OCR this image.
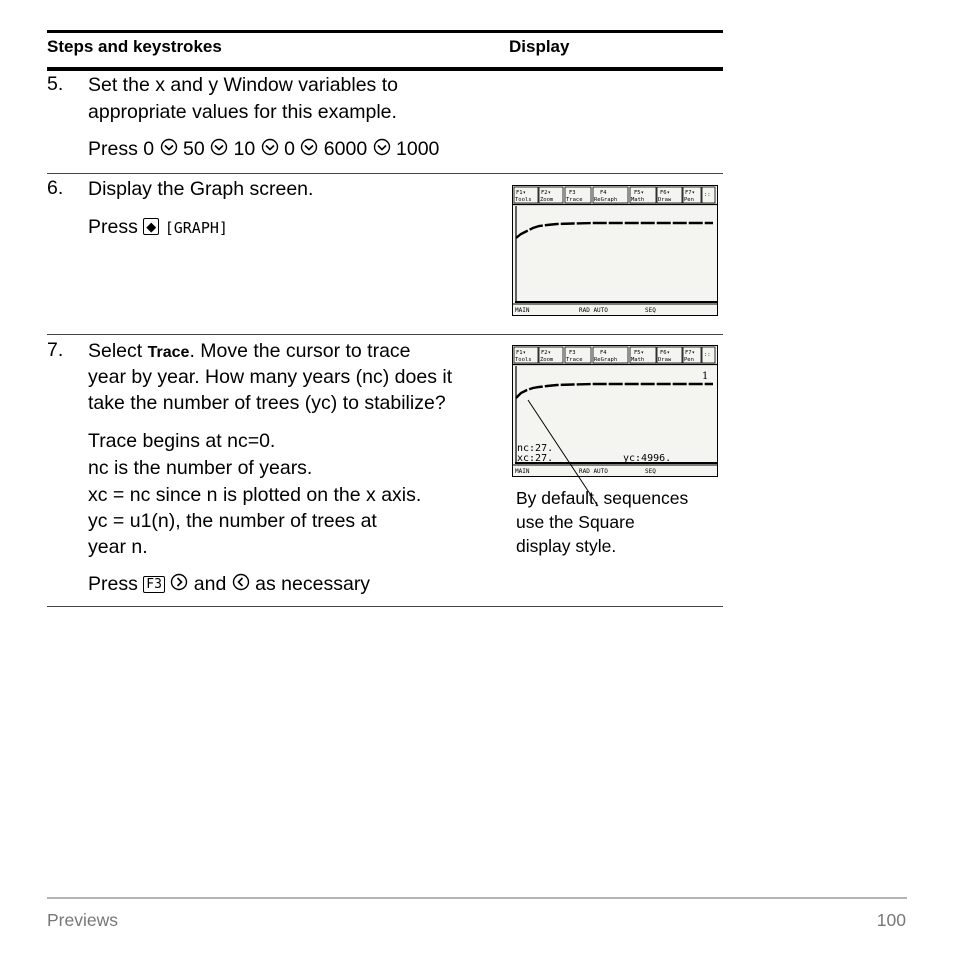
Steps and keystrokes	Display
5. Set the x and y Window variables to
appropriate values for this example.
Press 0 50 10 0 6000 1000
6. Display the Graph screen.
Press ◆ [GRAPH]
F1▾
Tools
F2▾
Zoom
F3
Trace
F4
ReGraph
F5▾
Math
F6▾
Draw
F7▾
Pen
::
MAIN	RAD AUTO	SEQ
7. Select Trace. Move the cursor to trace
year by year. How many years (nc) does it
take the number of trees (yc) to stabilize?
Trace begins at nc=0.
nc is the number of years.
xc = nc since n is plotted on the x axis.
yc = u1(n), the number of trees at
year n.
Press F3 and as necessary
F1▾
Tools
F2▾
Zoom
F3
Trace
F4
ReGraph
F5▾
Math
F6▾
Draw
F7▾
Pen
::
1
nc:27.
xc:27.	yc:4996.
MAIN	RAD AUTO	SEQ
By default, sequences
use the Square
display style.
Previews	100
